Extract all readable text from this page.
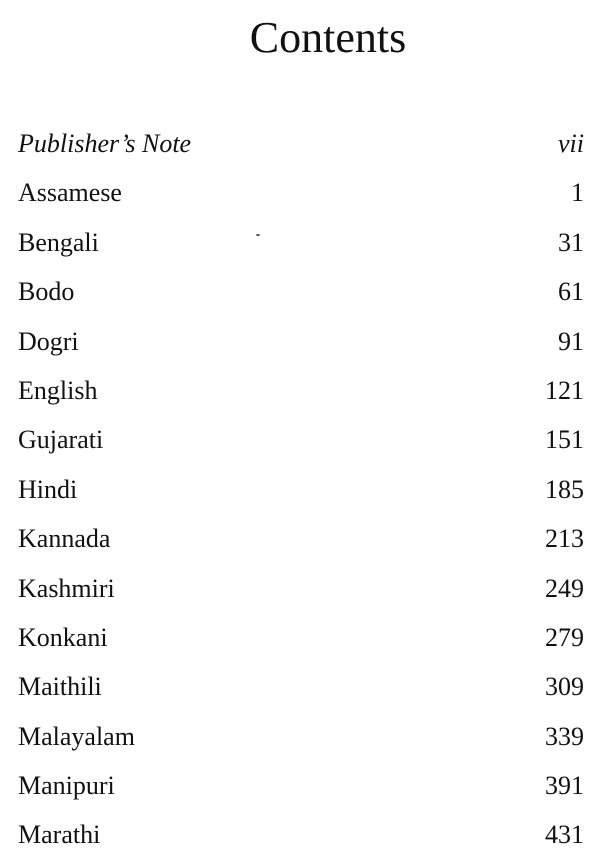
Contents
Publisher’s Note	vii
Assamese	1
Bengali	31
Bodo	61
Dogri	91
English	121
Gujarati	151
Hindi	185
Kannada	213
Kashmiri	249
Konkani	279
Maithili	309
Malayalam	339
Manipuri	391
Marathi	431
